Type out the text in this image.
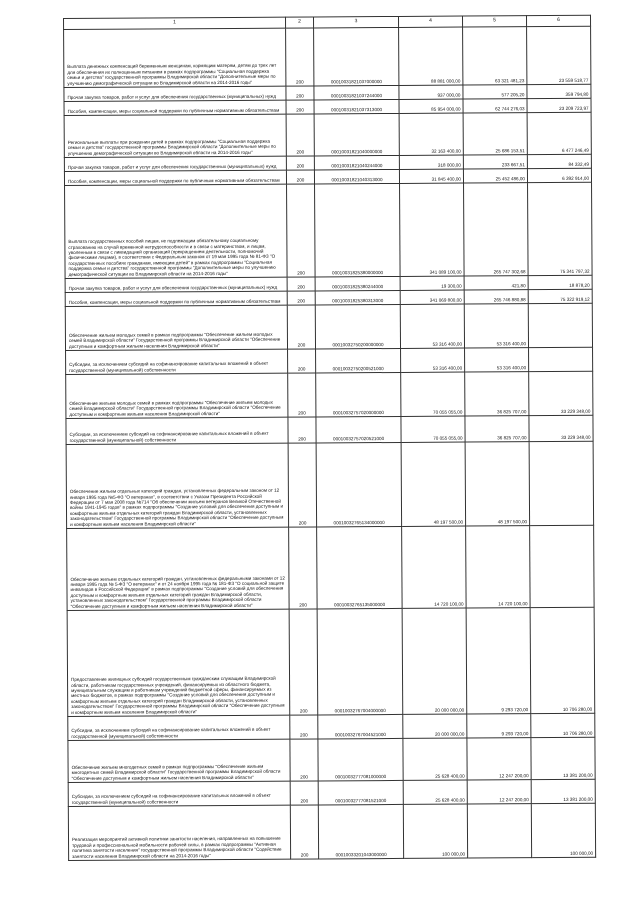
1	2	3	4	5	6
Выплата денежных компенсаций беременным женщинам, кормящим матерям, детям до трех лет для обеспечения их полноценным питанием в рамках подпрограммы "Социальная поддержка семьи и детства" государственной программы Владимирской области "Дополнительные меры по улучшению демографической ситуации во Владимирской области на 2014-2016 годы"	200	00010031821037000000	88 881 000,00	63 321 481,23	23 559 518,77
Прочая закупка товаров, работ и услуг для обеспечения государственных (муниципальных) нужд	200	00010031821037244000	937 000,00	577 205,20	359 794,80
Пособия, компенсации, меры социальной поддержки по публичным нормативным обязательствам	200	00010031821037313000	85 954 000,00	62 744 276,03	23 209 723,97
Региональные выплаты при рождении детей в рамках подпрограммы "Социальная поддержка семьи и детства" государственной программы Владимирской области "Дополнительные меры по улучшению демографической ситуации во Владимирской области на 2014-2016 годы"	200	00010031821040000000	32 163 400,00	25 686 153,51	6 477 246,49
Прочая закупка товаров, работ и услуг для обеспечения государственных (муниципальных) нужд	200	00010031821040244000	318 000,00	233 667,51	84 332,49
Пособия, компенсации, меры социальной поддержки по публичным нормативным обязательствам	200	00010031821040313000	31 845 400,00	25 452 486,00	6 392 914,00
Выплата государственных пособий лицам, не подлежащим обязательному социальному страхованию на случай временной нетрудоспособности и в связи с материнством, и лицам, уволенным в связи с ликвидацией организаций (прекращением деятельности, полномочий физическими лицами), в соответствии с Федеральным законом от 19 мая 1995 года № 81-ФЗ "О государственных пособиях гражданам, имеющим детей" в рамках подпрограммы "Социальная поддержка семьи и детства" государственной программы "Дополнительные меры по улучшению демографической ситуации во Владимирской области на 2014-2016 годы"	200	00010031825380000000	341 089 100,00	265 747 302,68	75 341 797,32
Прочая закупка товаров, работ и услуг для обеспечения государственных (муниципальных) нужд	200	00010031825380244000	19 300,00	421,80	18 878,20
Пособия, компенсации, меры социальной поддержки по публичным нормативным обязательствам	200	00010031825380313000	341 069 800,00	265 746 880,88	75 322 919,12
Обеспечение жильем молодых семей в рамках подпрограммы "Обеспечение жильем молодых семей Владимирской области" Государственной программы Владимирской области "Обеспечение доступным и комфортным жильем населения Владимирской области"	200	00010032750200000000	53 316 400,00	53 316 400,00	
Субсидии, за исключением субсидий на софинансирование капитальных вложений в объект государственной (муниципальной) собственности	200	00010032750200521000	53 316 400,00	53 316 400,00	
Обеспечение жильем молодых семей в рамках подпрограммы "Обеспечение жильем молодых семей Владимирской области" Государственной программы Владимирской области "Обеспечение доступным и комфортным жильем населения Владимирской области"	200	00010032757020000000	70 055 055,00	36 825 707,00	33 229 348,00
Субсидии, за исключением субсидий на софинансирование капитальных вложений в объект государственной (муниципальной) собственности	200	00010032757020521000	70 055 055,00	36 825 707,00	33 229 348,00
Обеспечение жильем отдельных категорий граждан, установленных федеральным законом от 12 января 1995 года №5-ФЗ "О ветеранах", в соответствии с Указом Президента Российской Федерации от 7 мая 2008 года №714 "Об обеспечении жильем ветеранов Великой Отечественной войны 1941-1945 годов" в рамках подпрограммы "Создание условий для обеспечения доступным и комфортным жильем отдельных категорий граждан Владимирской области, установленных законодательством" Государственной программы Владимирской области "Обеспечение доступным и комфортным жильем населения Владимирской области"	200	00010032765134000000	48 197 500,00	48 197 500,00	
Обеспечение жильем отдельных категорий граждан, установленных федеральными законами от 12 января 1995 года № 5-ФЗ "О ветеранах" и от 24 ноября 1995 года № 181-ФЗ "О социальной защите инвалидов в Российской Федерации" в рамках подпрограммы "Создание условий для обеспечения доступным и комфортным жильем отдельных категорий граждан Владимирской области, установленных законодательством" Государственной программы Владимирской области "Обеспечение доступным и комфортным жильем населения Владимирской области"	200	00010032765135000000	14 720 100,00	14 720 100,00	
Предоставление жилищных субсидий государственным гражданским служащим Владимирской области, работникам государственных учреждений, финансируемых из областного бюджета, муниципальным служащим и работникам учреждений бюджетной сферы, финансируемых из местных бюджетов, в рамках подпрограммы "Создание условий для обеспечения доступным и комфортным жильем отдельных категорий граждан Владимирской области, установленных законодательством" Государственной программы Владимирской области "Обеспечение доступным и комфортным жильем населения Владимирской области"	200	00010032767004000000	20 000 000,00	9 293 720,00	10 706 280,00
Субсидии, за исключением субсидий на софинансирование капитальных вложений в объект государственной (муниципальной) собственности	200	00010032767004521000	20 000 000,00	9 293 720,00	10 706 280,00
Обеспечение жильем многодетных семей в рамках подпрограммы "Обеспечение жильем многодетных семей Владимирской области" Государственной программы Владимирской области "Обеспечение доступным и комфортным жильем населения Владимирской области"	200	00010032777081000000	25 628 400,00	12 247 200,00	13 381 200,00
Субсидии, за исключением субсидий на софинансирование капитальных вложений в объект государственной (муниципальной) собственности	200	00010032777081521000	25 628 400,00	12 247 200,00	13 381 200,00
Реализация мероприятий активной политики занятости населения, направленных на повышение трудовой и профессиональной мобильности рабочей силы, в рамках подпрограммы "Активная политика занятости населения" государственной программы Владимирской области "Содействие занятости населения Владимирской области на 2014-2016 годы"	200	00010033201043000000	100 000,00		100 000,00
